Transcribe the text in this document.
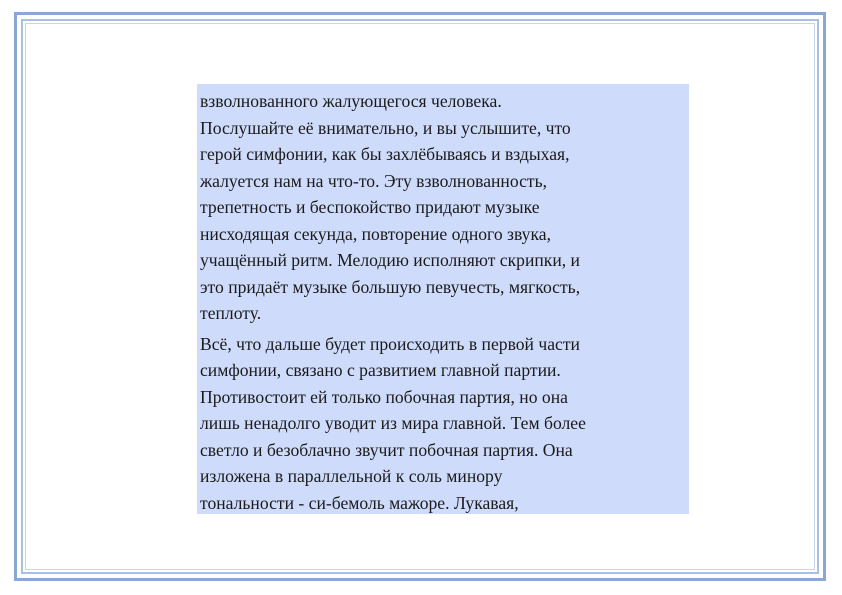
взволнованного жалующегося человека.
Послушайте её внимательно, и вы услышите, что
герой симфонии, как бы захлёбываясь и вздыхая,
жалуется нам на что-то. Эту взволнованность,
трепетность и беспокойство придают музыке
нисходящая секунда, повторение одного звука,
учащённый ритм. Мелодию исполняют скрипки, и
это придаёт музыке большую певучесть, мягкость,
теплоту.

Всё, что дальше будет происходить в первой части
симфонии, связано с развитием главной партии.
Противостоит ей только побочная партия, но она
лишь ненадолго уводит из мира главной. Тем более
светло и безоблачно звучит побочная партия. Она
изложена в параллельной к соль минору
тональности - си-бемоль мажоре. Лукавая,
